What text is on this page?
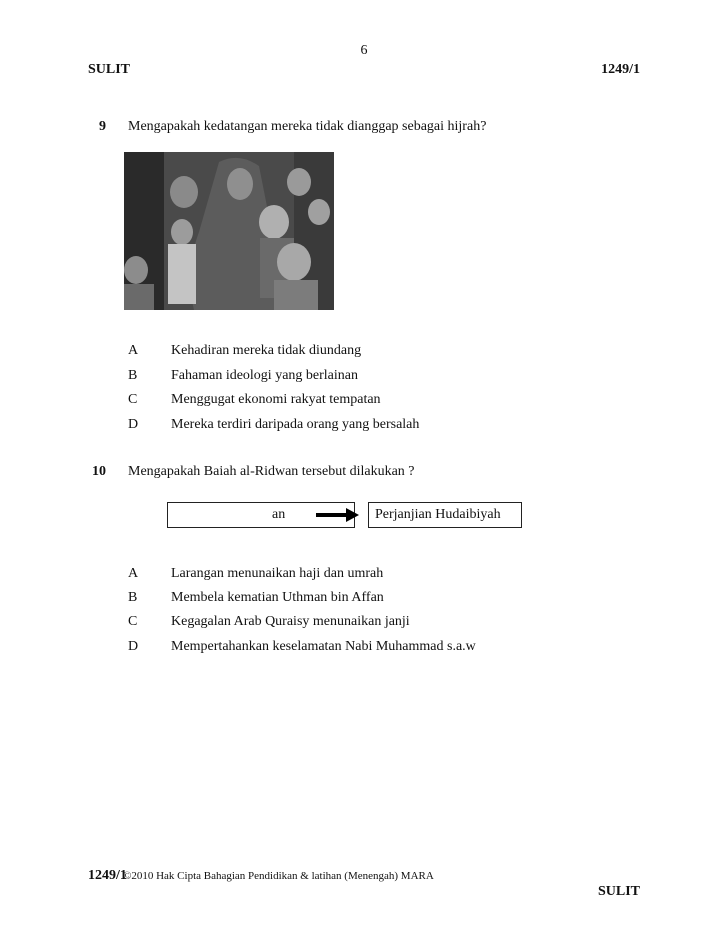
6
SULIT	1249/1
9 Mengapakah kedatangan mereka tidak dianggap sebagai hijrah?
A Kehadiran mereka tidak diundang
B Fahaman ideologi yang berlainan
C Menggugat ekonomi rakyat tempatan
D Mereka terdiri daripada orang yang bersalah
10 Mengapakah Baiah al-Ridwan tersebut dilakukan ?
an	Perjanjian Hudaibiyah
A Larangan menunaikan haji dan umrah
B Membela kematian Uthman bin Affan
C Kegagalan Arab Quraisy menunaikan janji
D Mempertahankan keselamatan Nabi Muhammad s.a.w
1249/1
©2010 Hak Cipta Bahagian Pendidikan & latihan (Menengah) MARA
SULIT
